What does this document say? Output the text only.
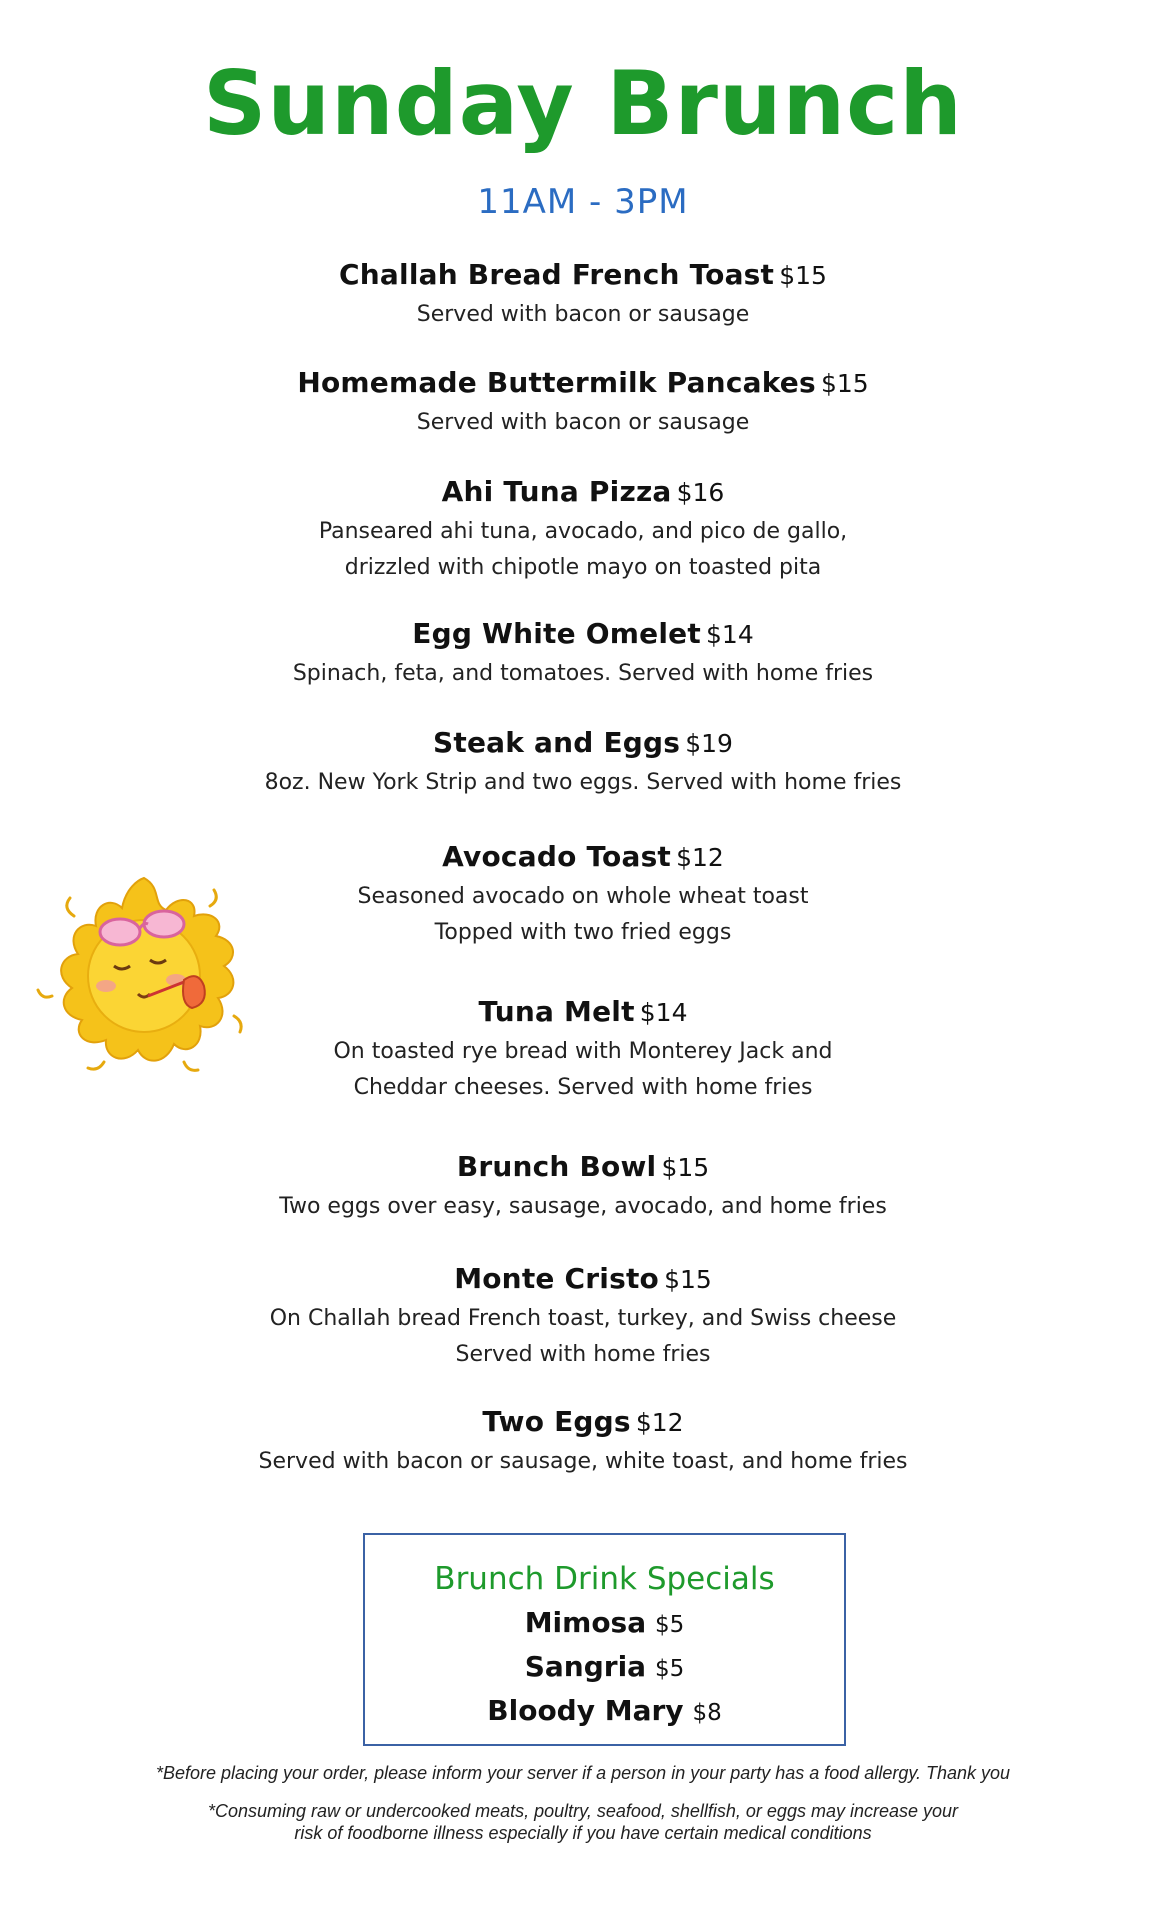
Sunday Brunch
11AM - 3PM
Challah Bread French Toast $15
Served with bacon or sausage
Homemade Buttermilk Pancakes $15
Served with bacon or sausage
Ahi Tuna Pizza $16
Panseared ahi tuna, avocado, and pico de gallo,
drizzled with chipotle mayo on toasted pita
Egg White Omelet $14
Spinach, feta, and tomatoes. Served with home fries
Steak and Eggs $19
8oz. New York Strip and two eggs. Served with home fries
Avocado Toast $12
Seasoned avocado on whole wheat toast
Topped with two fried eggs
Tuna Melt $14
On toasted rye bread with Monterey Jack and
Cheddar cheeses. Served with home fries
Brunch Bowl $15
Two eggs over easy, sausage, avocado, and home fries
Monte Cristo $15
On Challah bread French toast, turkey, and Swiss cheese
Served with home fries
Two Eggs $12
Served with bacon or sausage, white toast, and home fries
Brunch Drink Specials
Mimosa $5
Sangria $5
Bloody Mary $8
*Before placing your order, please inform your server if a person in your party has a food allergy. Thank you
*Consuming raw or undercooked meats, poultry, seafood, shellfish, or eggs may increase your
risk of foodborne illness especially if you have certain medical conditions
